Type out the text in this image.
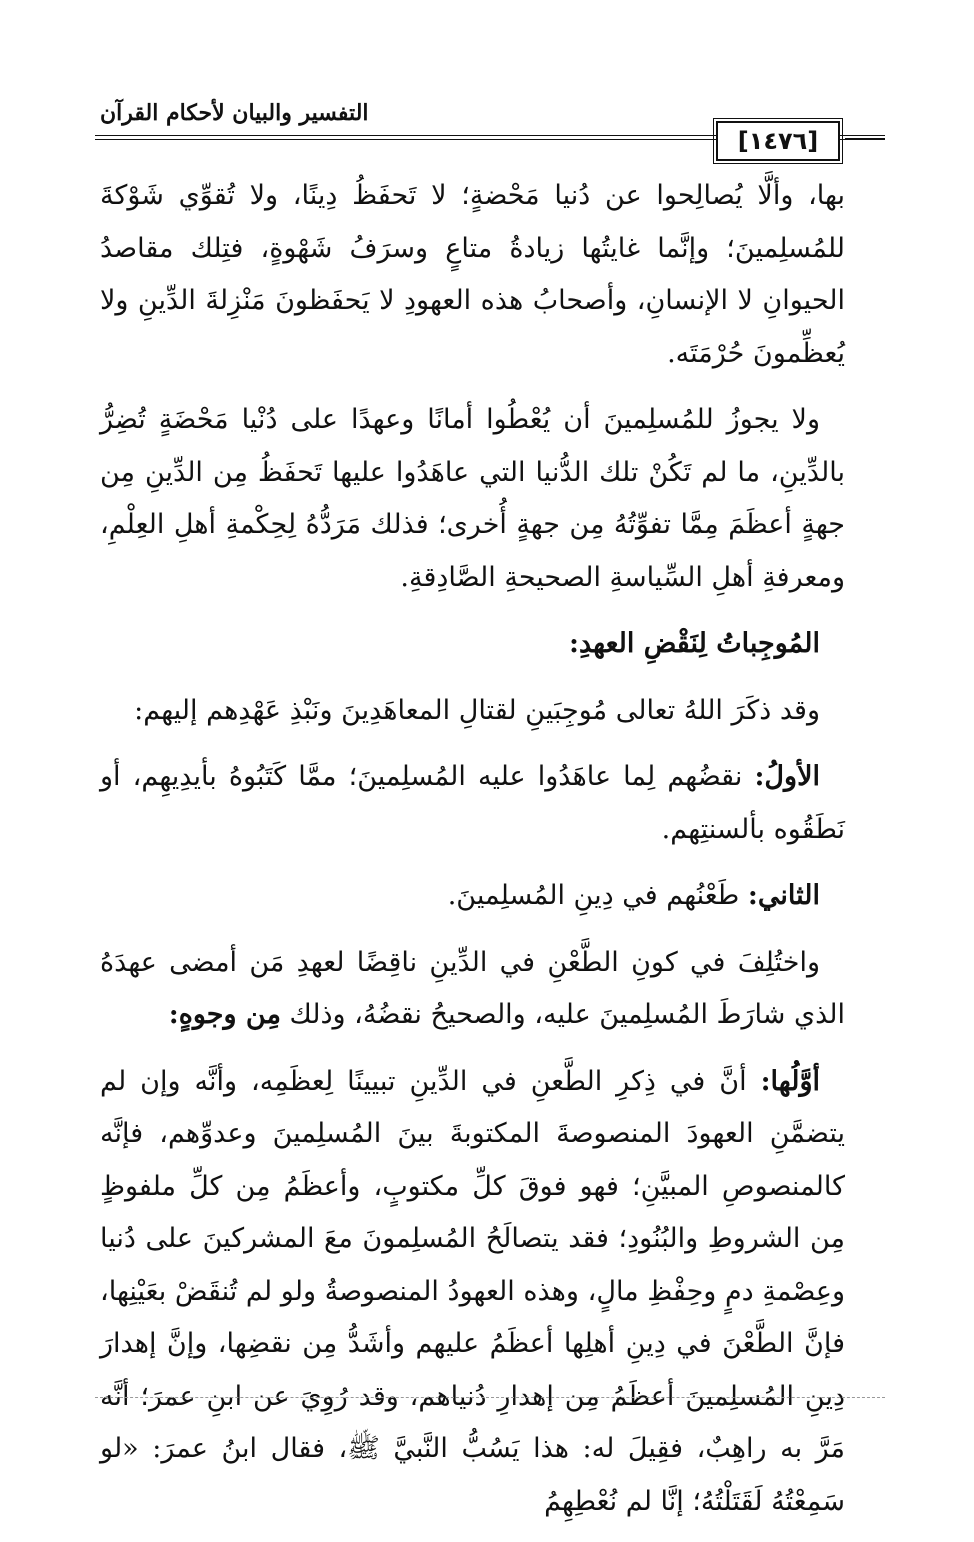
التفسير والبيان لأحكام القرآن
[١٤٧٦]

بها، وألَّا يُصالِحوا عن دُنيا مَحْضةٍ؛ لا تَحفَظُ دِينًا، ولا تُقوِّي شَوْكةَ للمُسلِمينَ؛ وإنَّما غايتُها زيادةُ متاعٍ وسرَفُ شَهْوةٍ، فتِلك مقاصدُ الحيوانِ لا الإنسانِ، وأصحابُ هذه العهودِ لا يَحفَظونَ مَنْزِلةَ الدِّينِ ولا يُعظِّمونَ حُرْمَتَه.

ولا يجوزُ للمُسلِمينَ أن يُعْطُوا أمانًا وعهدًا على دُنْيا مَحْضَةٍ تُضِرُّ بالدِّينِ، ما لم تَكُنْ تلك الدُّنيا التي عاهَدُوا عليها تَحفَظُ مِن الدِّينِ مِن جهةٍ أعظَمَ مِمَّا تفوِّتُهُ مِن جهةٍ أُخرى؛ فذلك مَرَدُّهُ لِحِكْمةِ أهلِ العِلْمِ، ومعرفةِ أهلِ السِّياسةِ الصحيحةِ الصَّادِقةِ.

المُوجِباتُ لِنَقْضِ العهدِ:

وقد ذكَرَ اللهُ تعالى مُوجِبَينِ لقتالِ المعاهَدِينَ ونَبْذِ عَهْدِهم إليهم:

الأولُ: نقضُهم لِما عاهَدُوا عليه المُسلِمينَ؛ ممَّا كَتَبُوهُ بأيدِيهِم، أو نَطَقُوه بألسنتِهم.

الثاني: طَعْنُهم في دِينِ المُسلِمينَ.

واختُلِفَ في كونِ الطَّعْنِ في الدِّينِ ناقِضًا لعهدِ مَن أمضى عهدَهُ الذي شارَطَ المُسلِمينَ عليه، والصحيحُ نقضُهُ، وذلك مِن وجوهٍ:

أوَّلُها: أنَّ في ذِكرِ الطَّعنِ في الدِّينِ تبيينًا لِعظَمِه، وأنَّه وإن لم يتضمَّنِ العهودَ المنصوصةَ المكتوبةَ بينَ المُسلِمينَ وعدوِّهم، فإنَّه كالمنصوصِ المبيَّنِ؛ فهو فوقَ كلِّ مكتوبٍ، وأعظَمُ مِن كلِّ ملفوظٍ مِن الشروطِ والبُنُودِ؛ فقد يتصالَحُ المُسلِمونَ معَ المشركينَ على دُنيا وعِصْمةِ دمٍ وحِفْظِ مالٍ، وهذه العهودُ المنصوصةُ ولو لم تُنقَضْ بعَيْنِها، فإنَّ الطَّعْنَ في دِينِ أهلِها أعظَمُ عليهم وأشَدُّ مِن نقضِها، وإنَّ إهدارَ دِينِ المُسلِمينَ أعظَمُ مِن إهدارِ دُنياهم، وقد رُوِيَ عن ابنِ عمرَ؛ أنَّه مَرَّ به راهِبٌ، فقِيلَ له: هذا يَسُبُّ النَّبيَّ ﷺ، فقال ابنُ عمرَ: «لو سَمِعْتُهُ لَقَتَلْتُهُ؛ إنَّا لم نُعْطِهِمُ
